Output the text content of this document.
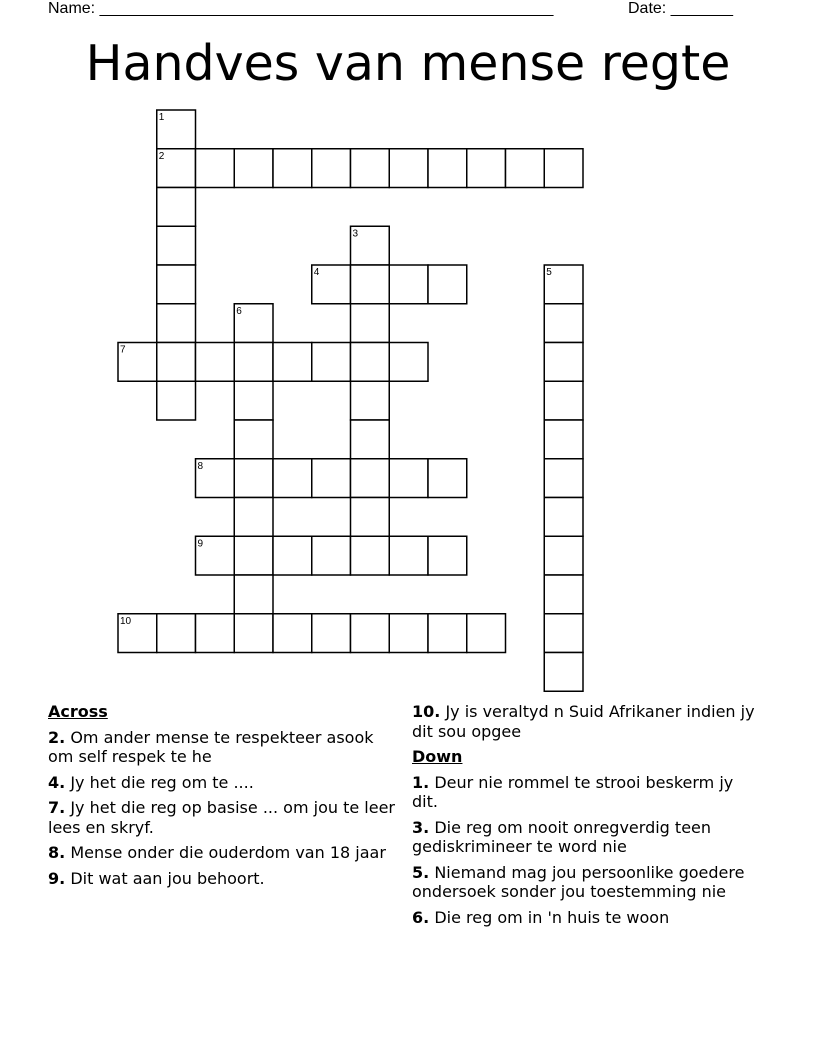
Name: ___________________________________________________	Date: _______
Handves van mense regte
1
2
3
4	5
6
7
8
9
10
Across
2. Om ander mense te respekteer asook om self respek te he
4. Jy het die reg om te ....
7. Jy het die reg op basise ... om jou te leer lees en skryf.
8. Mense onder die ouderdom van 18 jaar
9. Dit wat aan jou behoort.
10. Jy is veraltyd n Suid Afrikaner indien jy dit sou opgee
Down
1. Deur nie rommel te strooi beskerm jy dit.
3. Die reg om nooit onregverdig teen gediskrimineer te word nie
5. Niemand mag jou persoonlike goedere ondersoek sonder jou toestemming nie
6. Die reg om in 'n huis te woon
